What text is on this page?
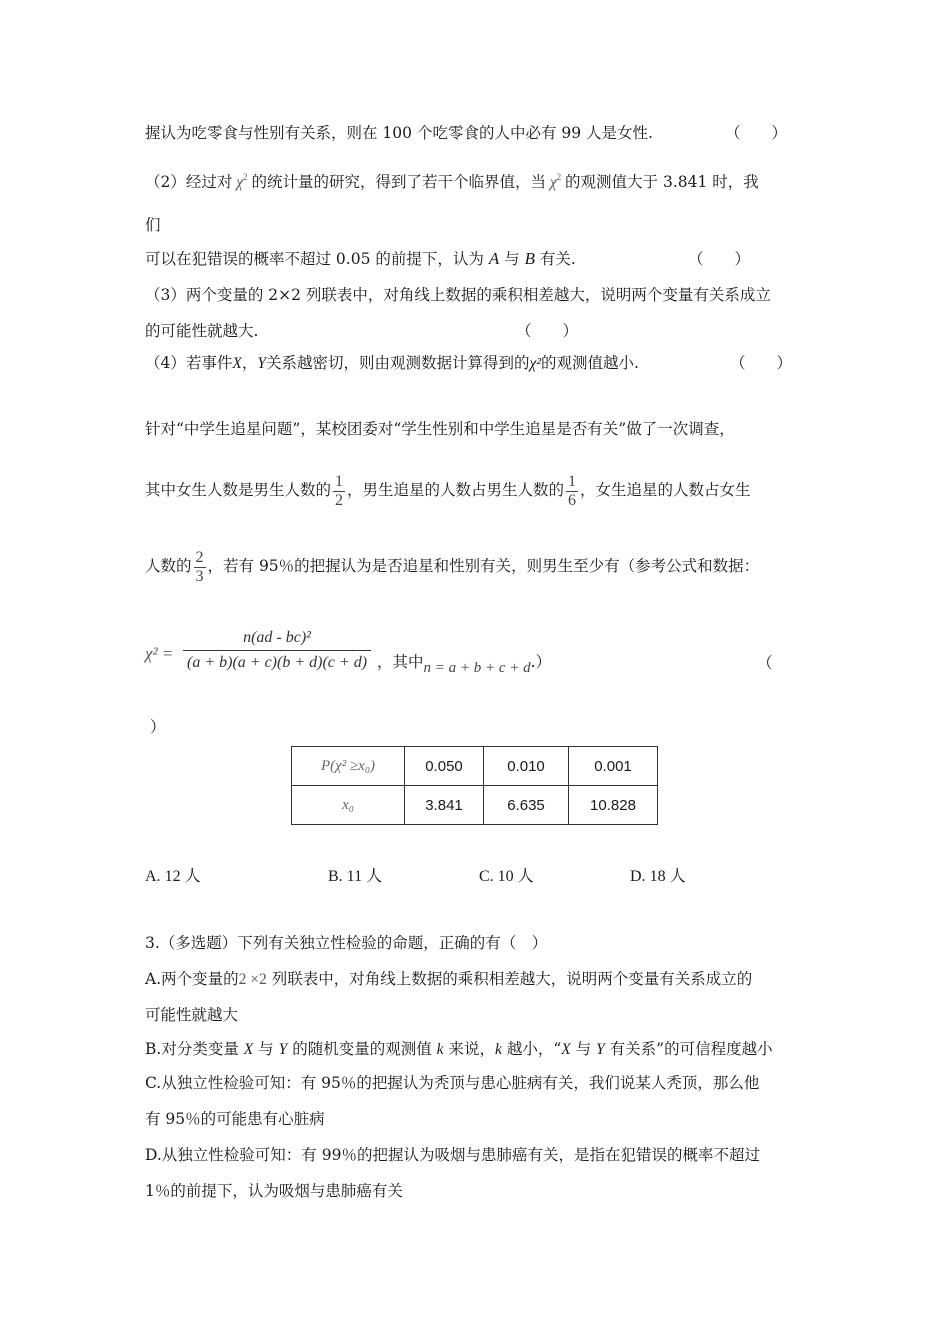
握认为吃零食与性别有关系，则在 100 个吃零食的人中必有 99 人是女性.	（　　）
（2）经过对 $\chi^2$ 的统计量的研究，得到了若干个临界值，当 $\chi^2$ 的观测值大于 3.841 时，我
们
可以在犯错误的概率不超过 0.05 的前提下，认为 A 与 B 有关.	（　　）
（3）两个变量的 2×2 列联表中，对角线上数据的乘积相差越大，说明两个变量有关系成立
的可能性就越大.	（　　）
（4）若事件X，Y关系越密切，则由观测数据计算得到的χ²的观测值越小.	（　　）
针对“中学生追星问题”，某校团委对“学生性别和中学生追星是否有关”做了一次调查，
其中女生人数是男生人数的 $\frac{1}{2}$ ，男生追星的人数占男生人数的 $\frac{1}{6}$ ，女生追星的人数占女生
人数的 $\frac{2}{3}$ ，若有 95％的把握认为是否追星和性别有关，则男生至少有（参考公式和数据：
$\chi^2 = \frac{\text{n(ad - bc)²}}{(a + b)(a + c)(b + d)(c + d)}$ ，其中n = a + b + c + d.）	（
）
P(χ² ≥x₀)	0.050	0.010	0.001
x₀	3.841	6.635	10.828
A. 12 人	B. 11 人	C. 10 人	D. 18 人
3.（多选题）下列有关独立性检验的命题，正确的有（　）
A.两个变量的2 ×2 列联表中，对角线上数据的乘积相差越大，说明两个变量有关系成立的
可能性就越大
B.对分类变量 X 与 Y 的随机变量的观测值 k 来说，k 越小，“X 与 Y 有关系”的可信程度越小
C.从独立性检验可知：有 95％的把握认为秃顶与患心脏病有关，我们说某人秃顶，那么他
有 95％的可能患有心脏病
D.从独立性检验可知：有 99％的把握认为吸烟与患肺癌有关，是指在犯错误的概率不超过
1％的前提下，认为吸烟与患肺癌有关
